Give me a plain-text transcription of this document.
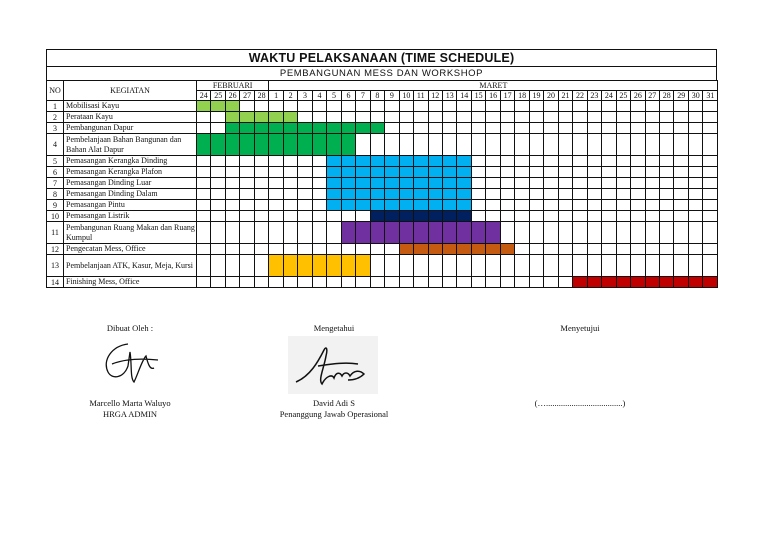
WAKTU PELAKSANAAN (TIME SCHEDULE)
PEMBANGUNAN MESS DAN WORKSHOP
NO	KEGIATAN	FEBRUARI					MARET																														
		24	25	26	27	28	1	2	3	4	5	6	7	8	9	10	11	12	13	14	15	16	17	18	19	20	21	22	23	24	25	26	27	28	29	30	31
1	Mobilisasi Kayu																																				
2	Perataan Kayu																																				
3	Pembangunan Dapur																																				
4	Pembelanjaan Bahan Bangunan dan Bahan Alat Dapur																																				
5	Pemasangan Kerangka Dinding																																				
6	Pemasangan Kerangka Plafon																																				
7	Pemasangan Dinding Luar																																				
8	Pemasangan Dinding Dalam																																				
9	Pemasangan Pintu																																				
10	Pemasangan Listrik																																				
11	Pembangunan Ruang Makan dan Ruang Kumpul																																				
12	Pengecatan Mess, Office																																				
13	Pembelanjaan ATK, Kasur, Meja, Kursi																																				
14	Finishing Mess, Office																																				
Dibuat Oleh :
Marcello Marta Waluyo
HRGA ADMIN
Mengetahui
David Adi S
Penanggung Jawab Operasional
Menyetujui
(…....................................)
